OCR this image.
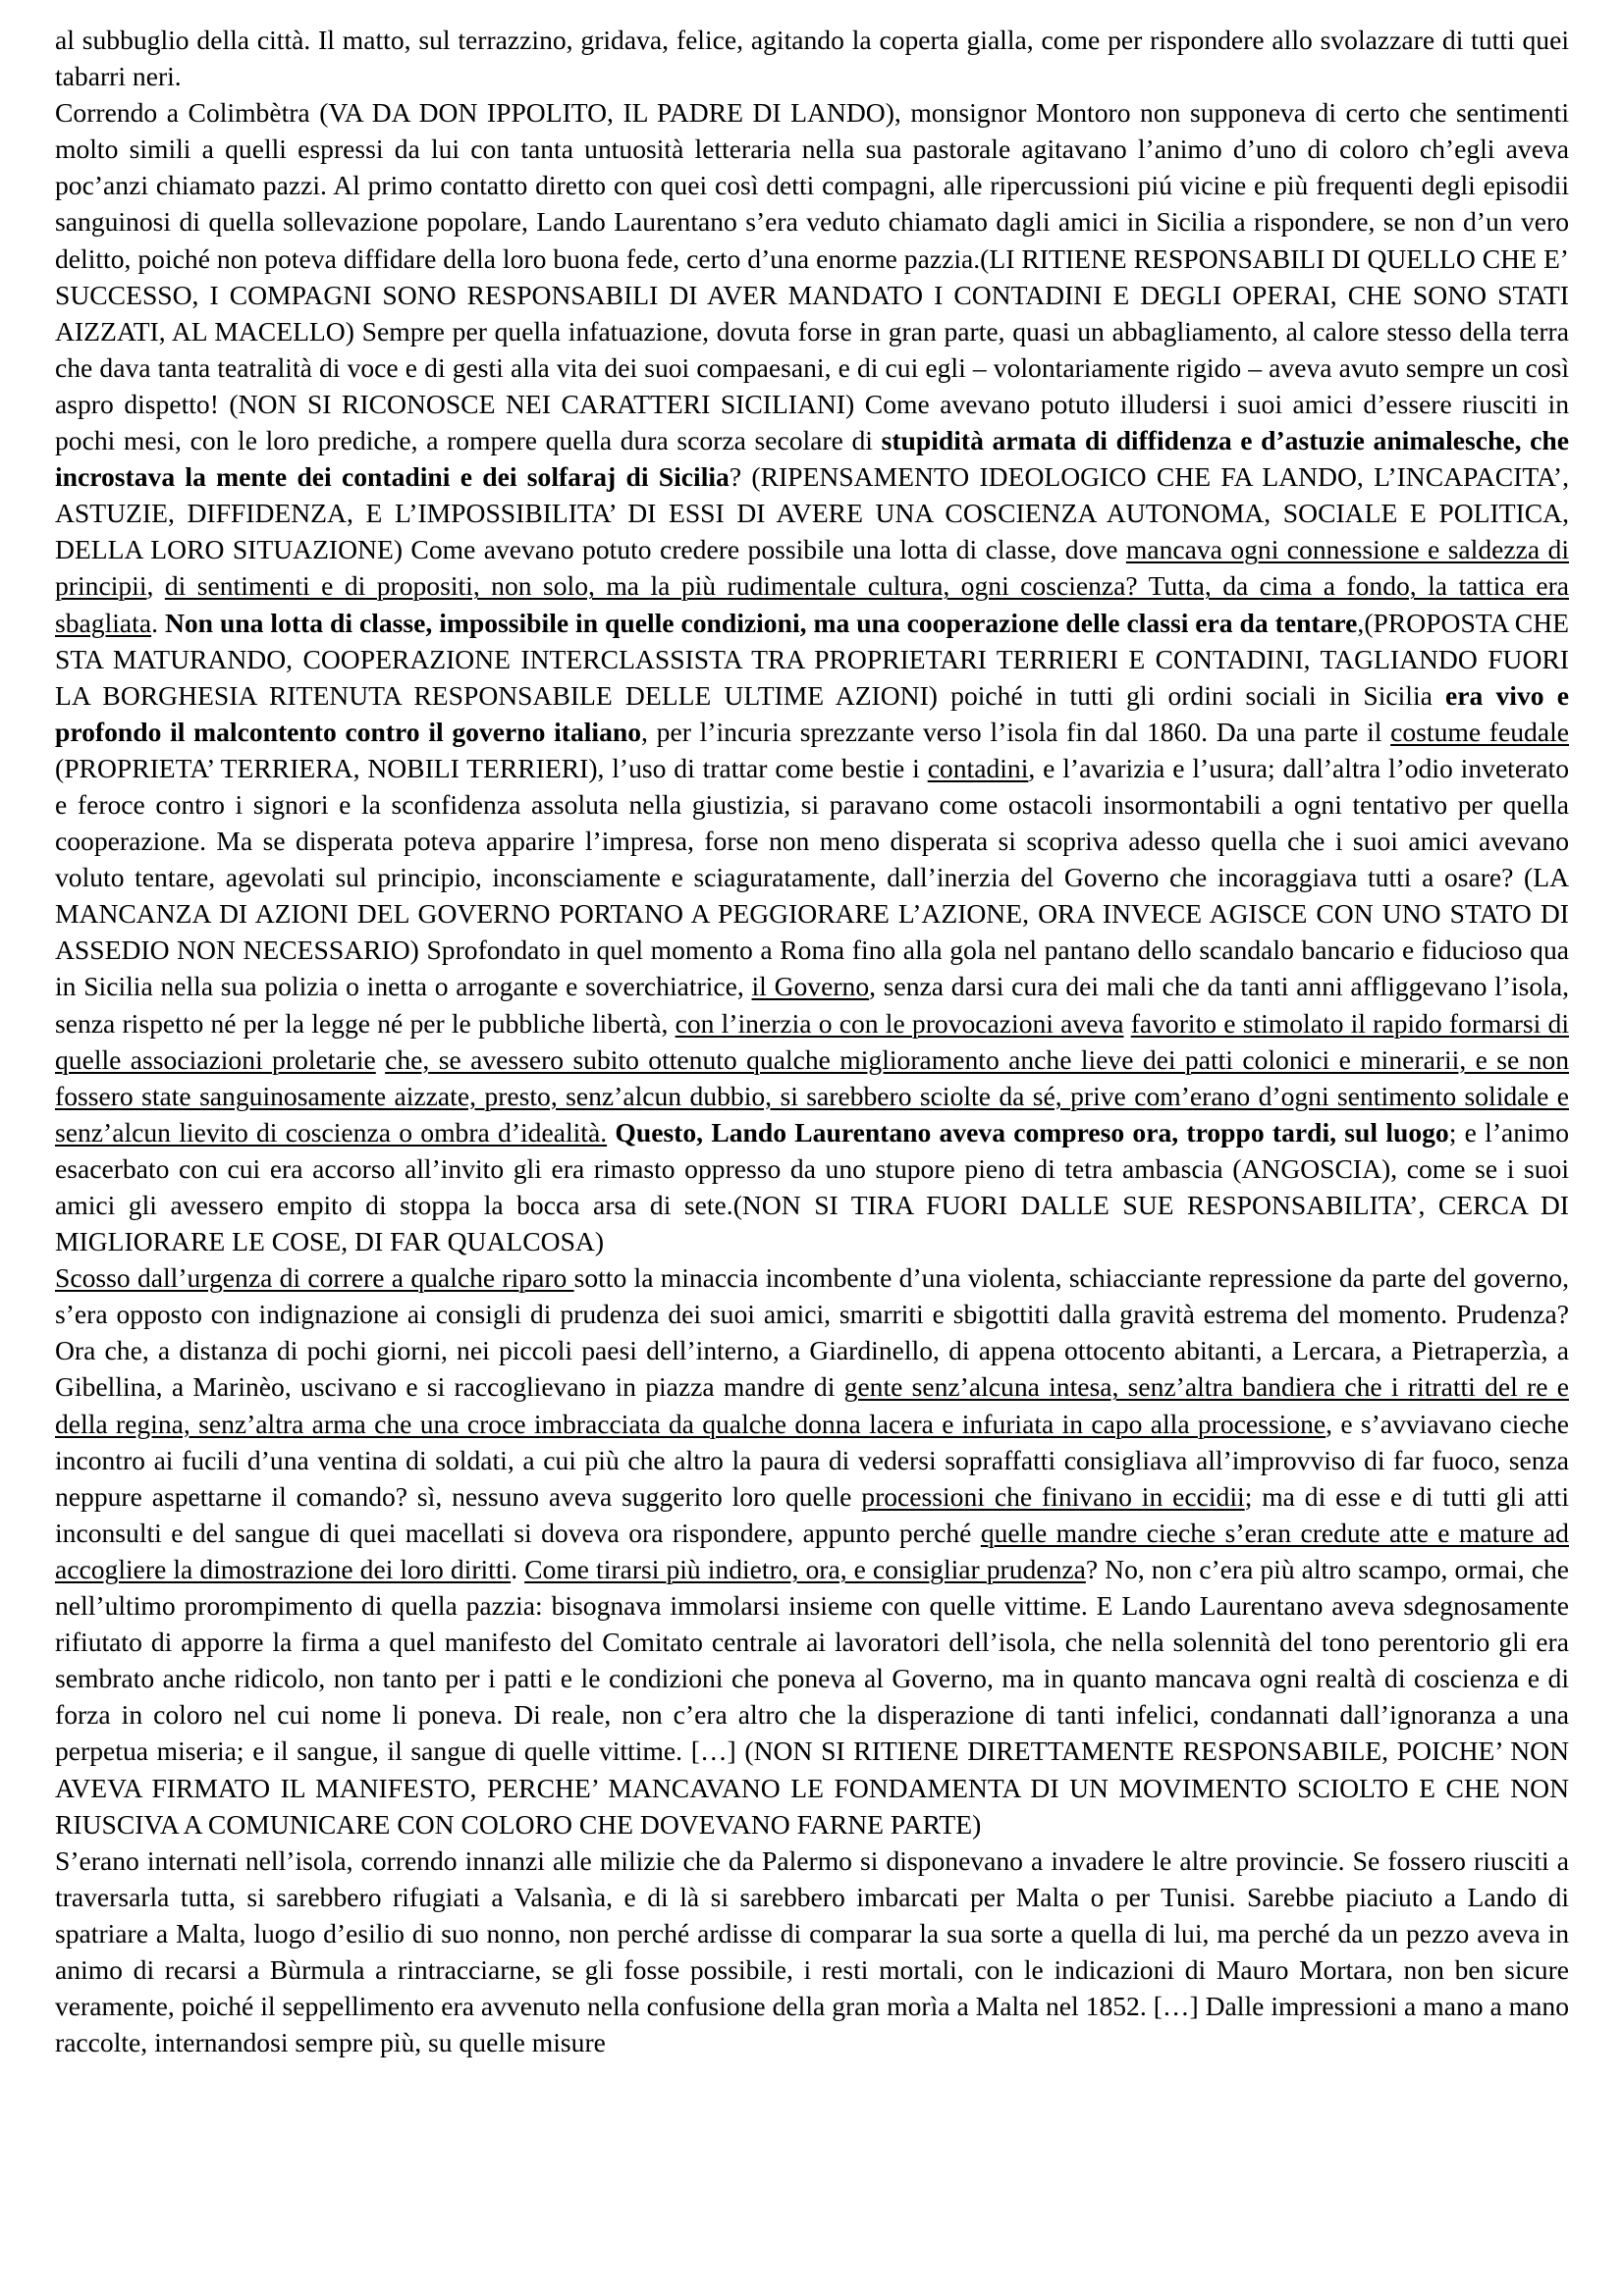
al subbuglio della città. Il matto, sul terrazzino, gridava, felice, agitando la coperta gialla, come per rispondere allo svolazzare di tutti quei tabarri neri.

Correndo a Colimbètra (VA DA DON IPPOLITO, IL PADRE DI LANDO), monsignor Montoro non supponeva di certo che sentimenti molto simili a quelli espressi da lui con tanta untuosità letteraria nella sua pastorale agitavano l’animo d’uno di coloro ch’egli aveva poc’anzi chiamato pazzi. Al primo contatto diretto con quei così detti compagni, alle ripercussioni piú vicine e più frequenti degli episodii sanguinosi di quella sollevazione popolare, Lando Laurentano s’era veduto chiamato dagli amici in Sicilia a rispondere, se non d’un vero delitto, poiché non poteva diffidare della loro buona fede, certo d’una enorme pazzia.(LI RITIENE RESPONSABILI DI QUELLO CHE E’ SUCCESSO, I COMPAGNI SONO RESPONSABILI DI AVER MANDATO I CONTADINI E DEGLI OPERAI, CHE SONO STATI AIZZATI, AL MACELLO) Sempre per quella infatuazione, dovuta forse in gran parte, quasi un abbagliamento, al calore stesso della terra che dava tanta teatralità di voce e di gesti alla vita dei suoi compaesani, e di cui egli – volontariamente rigido – aveva avuto sempre un così aspro dispetto! (NON SI RICONOSCE NEI CARATTERI SICILIANI) Come avevano potuto illudersi i suoi amici d’essere riusciti in pochi mesi, con le loro prediche, a rompere quella dura scorza secolare di stupidità armata di diffidenza e d’astuzie animalesche, che incrostava la mente dei contadini e dei solfaraj di Sicilia? (RIPENSAMENTO IDEOLOGICO CHE FA LANDO, L’INCAPACITA’, ASTUZIE, DIFFIDENZA, E L’IMPOSSIBILITA’ DI ESSI DI AVERE UNA COSCIENZA AUTONOMA, SOCIALE E POLITICA, DELLA LORO SITUAZIONE) Come avevano potuto credere possibile una lotta di classe, dove mancava ogni connessione e saldezza di principii, di sentimenti e di propositi, non solo, ma la più rudimentale cultura, ogni coscienza? Tutta, da cima a fondo, la tattica era sbagliata. Non una lotta di classe, impossibile in quelle condizioni, ma una cooperazione delle classi era da tentare,(PROPOSTA CHE STA MATURANDO, COOPERAZIONE INTERCLASSISTA TRA PROPRIETARI TERRIERI E CONTADINI, TAGLIANDO FUORI LA BORGHESIA RITENUTA RESPONSABILE DELLE ULTIME AZIONI) poiché in tutti gli ordini sociali in Sicilia era vivo e profondo il malcontento contro il governo italiano, per l’incuria sprezzante verso l’isola fin dal 1860. Da una parte il costume feudale (PROPRIETA’ TERRIERA, NOBILI TERRIERI), l’uso di trattar come bestie i contadini, e l’avarizia e l’usura; dall’altra l’odio inveterato e feroce contro i signori e la sconfidenza assoluta nella giustizia, si paravano come ostacoli insormontabili a ogni tentativo per quella cooperazione. Ma se disperata poteva apparire l’impresa, forse non meno disperata si scopriva adesso quella che i suoi amici avevano voluto tentare, agevolati sul principio, inconsciamente e sciaguratamente, dall’inerzia del Governo che incoraggiava tutti a osare? (LA MANCANZA DI AZIONI DEL GOVERNO PORTANO A PEGGIORARE L’AZIONE, ORA INVECE AGISCE CON UNO STATO DI ASSEDIO NON NECESSARIO) Sprofondato in quel momento a Roma fino alla gola nel pantano dello scandalo bancario e fiducioso qua in Sicilia nella sua polizia o inetta o arrogante e soverchiatrice, il Governo, senza darsi cura dei mali che da tanti anni affliggevano l’isola, senza rispetto né per la legge né per le pubbliche libertà, con l’inerzia o con le provocazioni aveva favorito e stimolato il rapido formarsi di quelle associazioni proletarie che, se avessero subito ottenuto qualche miglioramento anche lieve dei patti colonici e minerarii, e se non fossero state sanguinosamente aizzate, presto, senz’alcun dubbio, si sarebbero sciolte da sé, prive com’erano d’ogni sentimento solidale e senz’alcun lievito di coscienza o ombra d’idealità. Questo, Lando Laurentano aveva compreso ora, troppo tardi, sul luogo; e l’animo esacerbato con cui era accorso all’invito gli era rimasto oppresso da uno stupore pieno di tetra ambascia (ANGOSCIA), come se i suoi amici gli avessero empito di stoppa la bocca arsa di sete.(NON SI TIRA FUORI DALLE SUE RESPONSABILITA’, CERCA DI MIGLIORARE LE COSE, DI FAR QUALCOSA)

Scosso dall’urgenza di correre a qualche riparo sotto la minaccia incombente d’una violenta, schiacciante repressione da parte del governo, s’era opposto con indignazione ai consigli di prudenza dei suoi amici, smarriti e sbigottiti dalla gravità estrema del momento. Prudenza? Ora che, a distanza di pochi giorni, nei piccoli paesi dell’interno, a Giardinello, di appena ottocento abitanti, a Lercara, a Pietraperzìa, a Gibellina, a Marinèo, uscivano e si raccoglievano in piazza mandre di gente senz’alcuna intesa, senz’altra bandiera che i ritratti del re e della regina, senz’altra arma che una croce imbracciata da qualche donna lacera e infuriata in capo alla processione, e s’avviavano cieche incontro ai fucili d’una ventina di soldati, a cui più che altro la paura di vedersi sopraffatti consigliava all’improvviso di far fuoco, senza neppure aspettarne il comando? sì, nessuno aveva suggerito loro quelle processioni che finivano in eccidii; ma di esse e di tutti gli atti inconsulti e del sangue di quei macellati si doveva ora rispondere, appunto perché quelle mandre cieche s’eran credute atte e mature ad accogliere la dimostrazione dei loro diritti. Come tirarsi più indietro, ora, e consigliar prudenza? No, non c’era più altro scampo, ormai, che nell’ultimo prorompimento di quella pazzia: bisognava immolarsi insieme con quelle vittime. E Lando Laurentano aveva sdegnosamente rifiutato di apporre la firma a quel manifesto del Comitato centrale ai lavoratori dell’isola, che nella solennità del tono perentorio gli era sembrato anche ridicolo, non tanto per i patti e le condizioni che poneva al Governo, ma in quanto mancava ogni realtà di coscienza e di forza in coloro nel cui nome li poneva. Di reale, non c’era altro che la disperazione di tanti infelici, condannati dall’ignoranza a una perpetua miseria; e il sangue, il sangue di quelle vittime. […] (NON SI RITIENE DIRETTAMENTE RESPONSABILE, POICHE’ NON AVEVA FIRMATO IL MANIFESTO, PERCHE’ MANCAVANO LE FONDAMENTA DI UN MOVIMENTO SCIOLTO E CHE NON RIUSCIVA A COMUNICARE CON COLORO CHE DOVEVANO FARNE PARTE)

S’erano internati nell’isola, correndo innanzi alle milizie che da Palermo si disponevano a invadere le altre provincie. Se fossero riusciti a traversarla tutta, si sarebbero rifugiati a Valsanìa, e di là si sarebbero imbarcati per Malta o per Tunisi. Sarebbe piaciuto a Lando di spatriare a Malta, luogo d’esilio di suo nonno, non perché ardisse di comparar la sua sorte a quella di lui, ma perché da un pezzo aveva in animo di recarsi a Bùrmula a rintracciarne, se gli fosse possibile, i resti mortali, con le indicazioni di Mauro Mortara, non ben sicure veramente, poiché il seppellimento era avvenuto nella confusione della gran morìa a Malta nel 1852. […] Dalle impressioni a mano a mano raccolte, internandosi sempre più, su quelle misure
